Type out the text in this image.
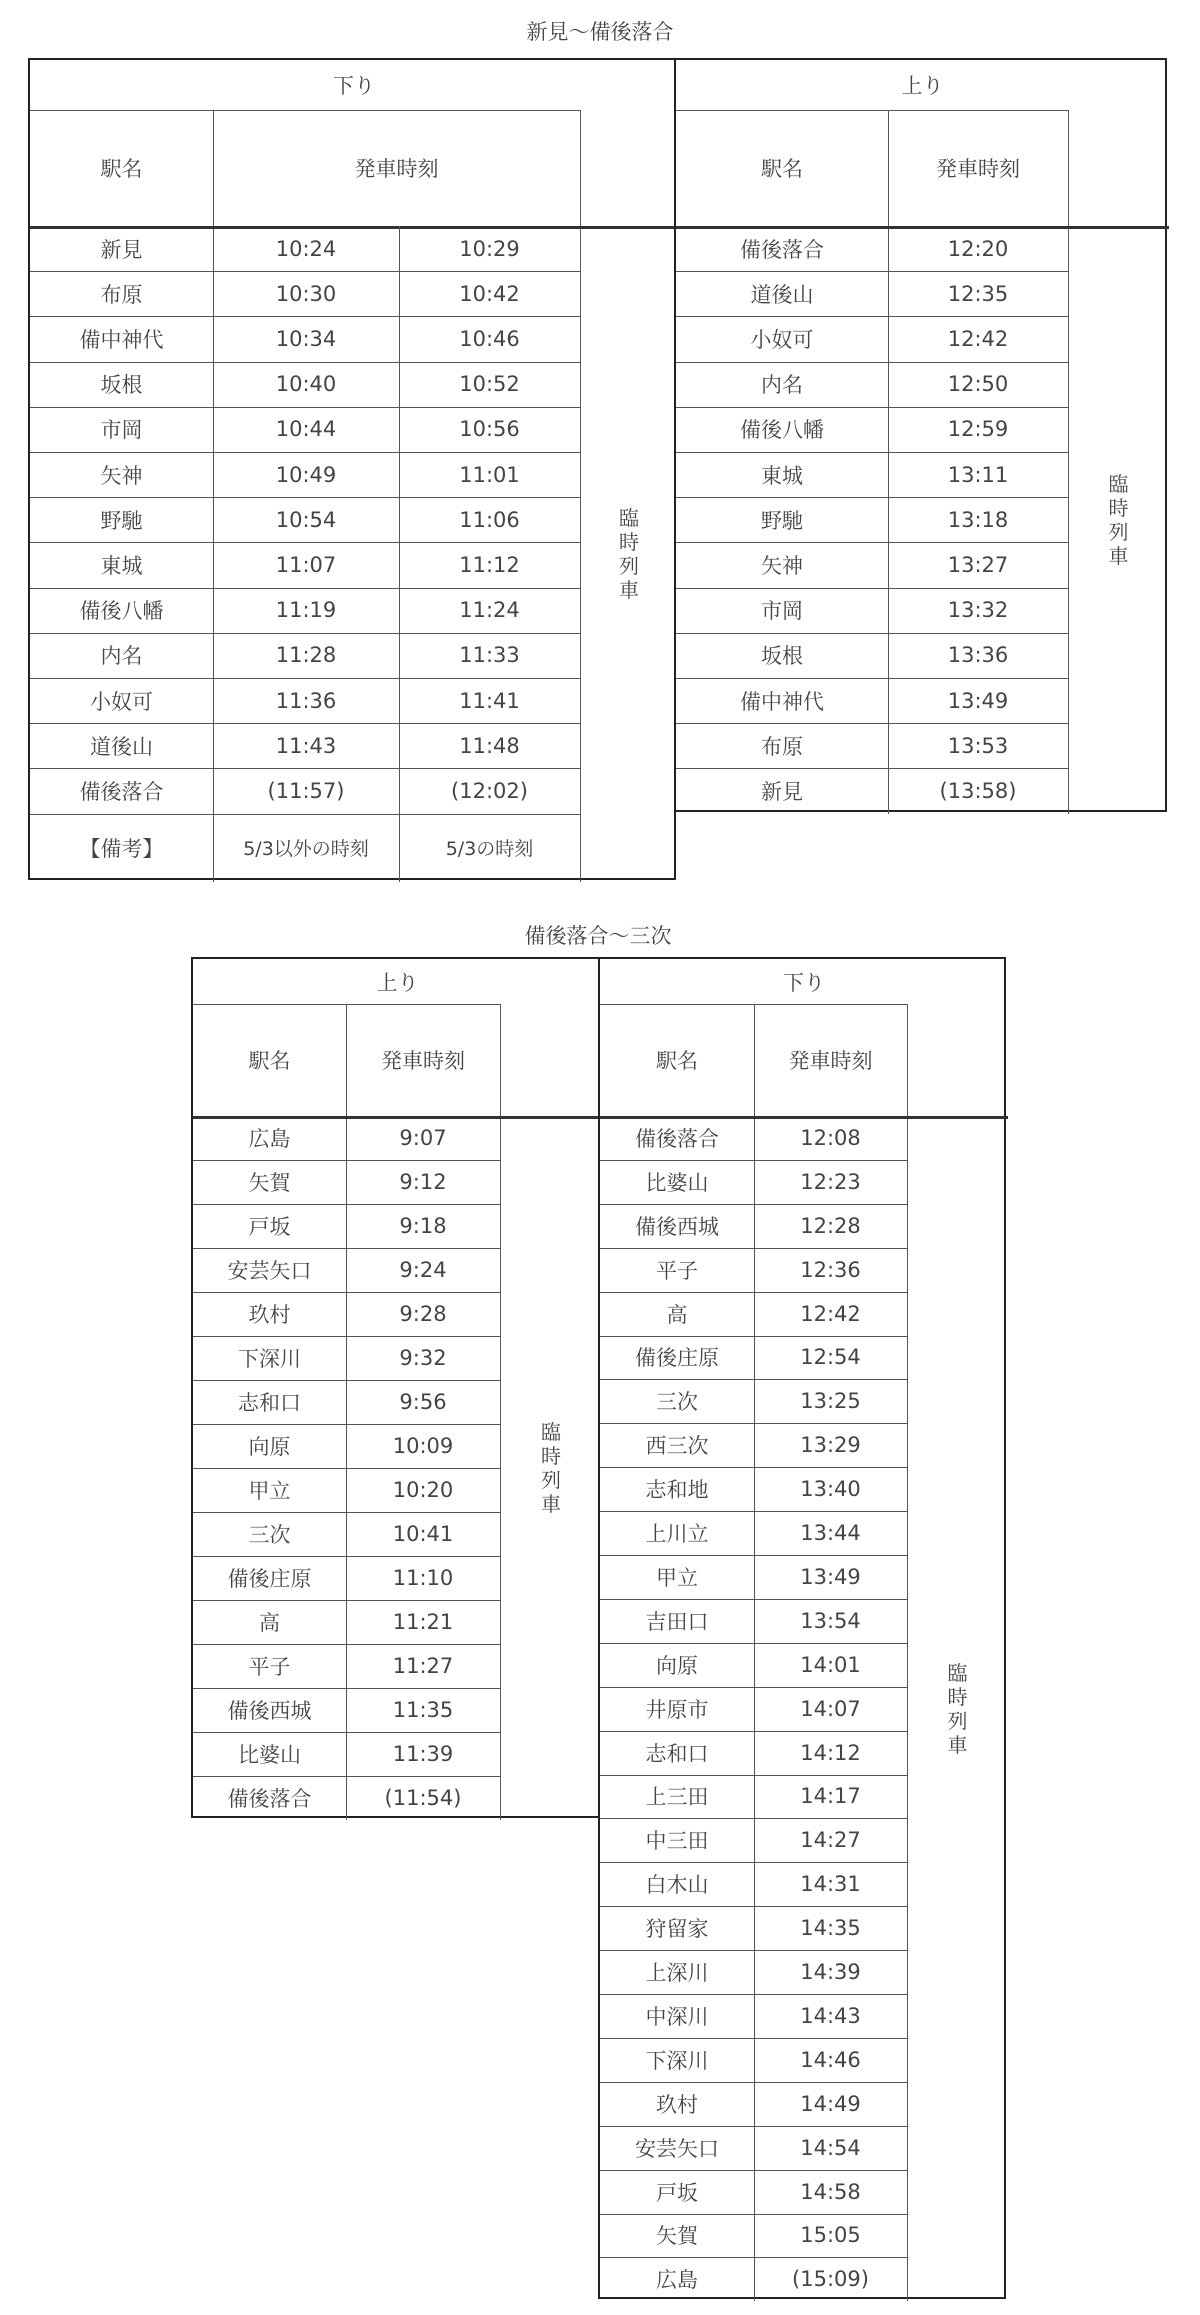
新見～備後落合
下り
駅名	発車時刻
新見	10:24	10:29
布原	10:30	10:42
備中神代	10:34	10:46
坂根	10:40	10:52
市岡	10:44	10:56
矢神	10:49	11:01
野馳	10:54	11:06
東城	11:07	11:12
備後八幡	11:19	11:24
内名	11:28	11:33
小奴可	11:36	11:41
道後山	11:43	11:48
備後落合	(11:57)	(12:02)
【備考】	5/3以外の時刻	5/3の時刻
臨
時
列
車
上り
駅名	発車時刻
備後落合	12:20
道後山	12:35
小奴可	12:42
内名	12:50
備後八幡	12:59
東城	13:11
野馳	13:18
矢神	13:27
市岡	13:32
坂根	13:36
備中神代	13:49
布原	13:53
新見	(13:58)
臨
時
列
車
備後落合～三次
上り
駅名	発車時刻
広島	9:07
矢賀	9:12
戸坂	9:18
安芸矢口	9:24
玖村	9:28
下深川	9:32
志和口	9:56
向原	10:09
甲立	10:20
三次	10:41
備後庄原	11:10
高	11:21
平子	11:27
備後西城	11:35
比婆山	11:39
備後落合	(11:54)
臨
時
列
車
下り
駅名	発車時刻
備後落合	12:08
比婆山	12:23
備後西城	12:28
平子	12:36
高	12:42
備後庄原	12:54
三次	13:25
西三次	13:29
志和地	13:40
上川立	13:44
甲立	13:49
吉田口	13:54
向原	14:01
井原市	14:07
志和口	14:12
上三田	14:17
中三田	14:27
白木山	14:31
狩留家	14:35
上深川	14:39
中深川	14:43
下深川	14:46
玖村	14:49
安芸矢口	14:54
戸坂	14:58
矢賀	15:05
広島	(15:09)
臨
時
列
車
